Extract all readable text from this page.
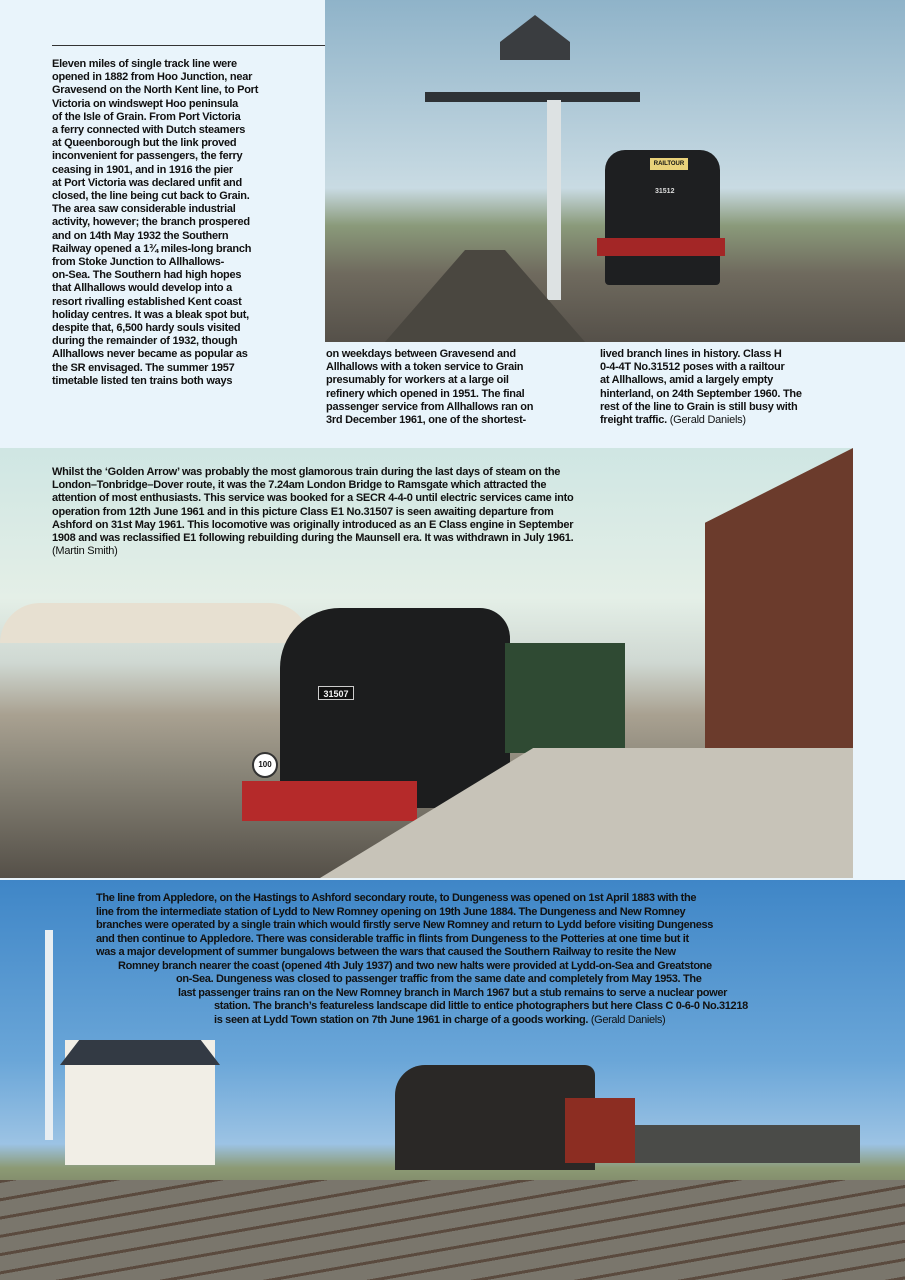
Eleven miles of single track line were
opened in 1882 from Hoo Junction, near
Gravesend on the North Kent line, to Port
Victoria on windswept Hoo peninsula
of the Isle of Grain. From Port Victoria
a ferry connected with Dutch steamers
at Queenborough but the link proved
inconvenient for passengers, the ferry
ceasing in 1901, and in 1916 the pier
at Port Victoria was declared unfit and
closed, the line being cut back to Grain.
The area saw considerable industrial
activity, however; the branch prospered
and on 14th May 1932 the Southern
Railway opened a 1¾ miles-long branch
from Stoke Junction to Allhallows-
on-Sea. The Southern had high hopes
that Allhallows would develop into a
resort rivalling established Kent coast
holiday centres. It was a bleak spot but,
despite that, 6,500 hardy souls visited
during the remainder of 1932, though
Allhallows never became as popular as
the SR envisaged. The summer 1957
timetable listed ten trains both ways
on weekdays between Gravesend and
Allhallows with a token service to Grain
presumably for workers at a large oil
refinery which opened in 1951. The final
passenger service from Allhallows ran on
3rd December 1961, one of the shortest-
lived branch lines in history. Class H
0-4-4T No.31512 poses with a railtour
at Allhallows, amid a largely empty
hinterland, on 24th September 1960. The
rest of the line to Grain is still busy with
freight traffic. (Gerald Daniels)
RAILTOUR
31512
31507
100
Whilst the ‘Golden Arrow’ was probably the most glamorous train during the last days of steam on the
London–Tonbridge–Dover route, it was the 7.24am London Bridge to Ramsgate which attracted the
attention of most enthusiasts. This service was booked for a SECR 4-4-0 until electric services came into
operation from 12th June 1961 and in this picture Class E1 No.31507 is seen awaiting departure from
Ashford on 31st May 1961. This locomotive was originally introduced as an E Class engine in September
1908 and was reclassified E1 following rebuilding during the Maunsell era. It was withdrawn in July 1961.
(Martin Smith)
The line from Appledore, on the Hastings to Ashford secondary route, to Dungeness was opened on 1st April 1883 with the
line from the intermediate station of Lydd to New Romney opening on 19th June 1884. The Dungeness and New Romney
branches were operated by a single train which would firstly serve New Romney and return to Lydd before visiting Dungeness
and then continue to Appledore. There was considerable traffic in flints from Dungeness to the Potteries at one time but it
was a major development of summer bungalows between the wars that caused the Southern Railway to resite the New
Romney branch nearer the coast (opened 4th July 1937) and two new halts were provided at Lydd-on-Sea and Greatstone
on-Sea. Dungeness was closed to passenger traffic from the same date and completely from May 1953. The
last passenger trains ran on the New Romney branch in March 1967 but a stub remains to serve a nuclear power
station. The branch’s featureless landscape did little to entice photographers but here Class C 0-6-0 No.31218
is seen at Lydd Town station on 7th June 1961 in charge of a goods working. (Gerald Daniels)
